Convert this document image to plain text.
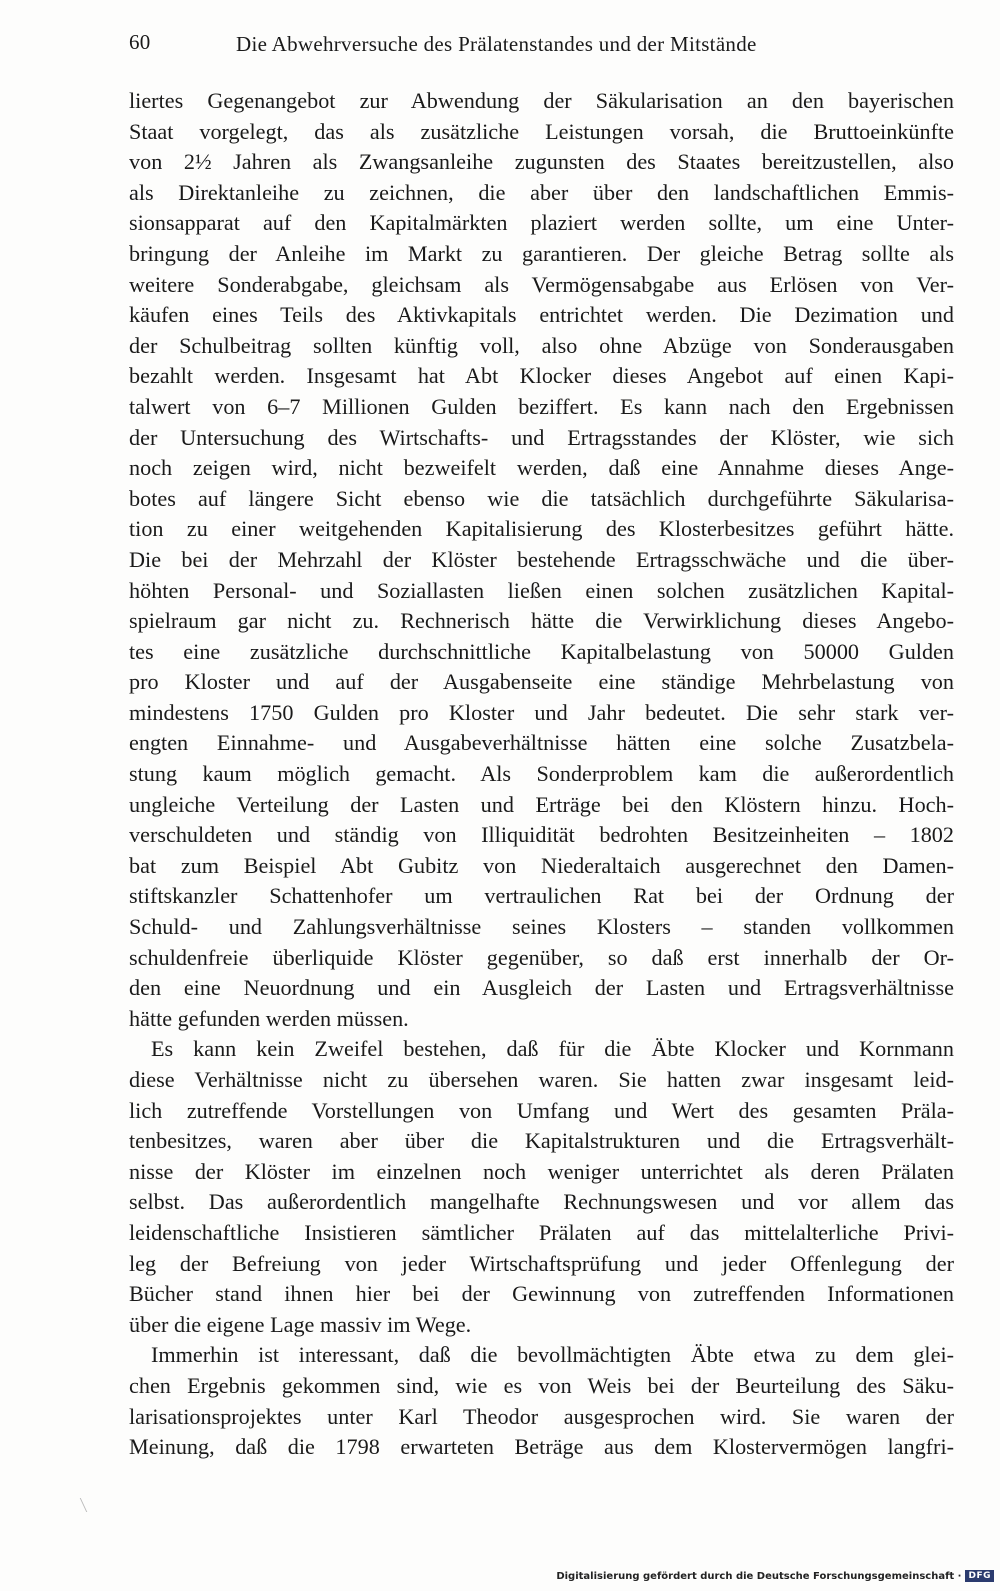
60	Die Abwehrversuche des Prälatenstandes und der Mitstände
liertes Gegenangebot zur Abwendung der Säkularisation an den bayerischen
Staat vorgelegt, das als zusätzliche Leistungen vorsah, die Bruttoeinkünfte
von 2½ Jahren als Zwangsanleihe zugunsten des Staates bereitzustellen, also
als Direktanleihe zu zeichnen, die aber über den landschaftlichen Emmis-
sionsapparat auf den Kapitalmärkten plaziert werden sollte, um eine Unter-
bringung der Anleihe im Markt zu garantieren. Der gleiche Betrag sollte als
weitere Sonderabgabe, gleichsam als Vermögensabgabe aus Erlösen von Ver-
käufen eines Teils des Aktivkapitals entrichtet werden. Die Dezimation und
der Schulbeitrag sollten künftig voll, also ohne Abzüge von Sonderausgaben
bezahlt werden. Insgesamt hat Abt Klocker dieses Angebot auf einen Kapi-
talwert von 6–7 Millionen Gulden beziffert. Es kann nach den Ergebnissen
der Untersuchung des Wirtschafts- und Ertragsstandes der Klöster, wie sich
noch zeigen wird, nicht bezweifelt werden, daß eine Annahme dieses Ange-
botes auf längere Sicht ebenso wie die tatsächlich durchgeführte Säkularisa-
tion zu einer weitgehenden Kapitalisierung des Klosterbesitzes geführt hätte.
Die bei der Mehrzahl der Klöster bestehende Ertragsschwäche und die über-
höhten Personal- und Soziallasten ließen einen solchen zusätzlichen Kapital-
spielraum gar nicht zu. Rechnerisch hätte die Verwirklichung dieses Angebo-
tes eine zusätzliche durchschnittliche Kapitalbelastung von 50000 Gulden
pro Kloster und auf der Ausgabenseite eine ständige Mehrbelastung von
mindestens 1750 Gulden pro Kloster und Jahr bedeutet. Die sehr stark ver-
engten Einnahme- und Ausgabeverhältnisse hätten eine solche Zusatzbela-
stung kaum möglich gemacht. Als Sonderproblem kam die außerordentlich
ungleiche Verteilung der Lasten und Erträge bei den Klöstern hinzu. Hoch-
verschuldeten und ständig von Illiquidität bedrohten Besitzeinheiten – 1802
bat zum Beispiel Abt Gubitz von Niederaltaich ausgerechnet den Damen-
stiftskanzler Schattenhofer um vertraulichen Rat bei der Ordnung der
Schuld- und Zahlungsverhältnisse seines Klosters – standen vollkommen
schuldenfreie überliquide Klöster gegenüber, so daß erst innerhalb der Or-
den eine Neuordnung und ein Ausgleich der Lasten und Ertragsverhältnisse
hätte gefunden werden müssen.
Es kann kein Zweifel bestehen, daß für die Äbte Klocker und Kornmann
diese Verhältnisse nicht zu übersehen waren. Sie hatten zwar insgesamt leid-
lich zutreffende Vorstellungen von Umfang und Wert des gesamten Präla-
tenbesitzes, waren aber über die Kapitalstrukturen und die Ertragsverhält-
nisse der Klöster im einzelnen noch weniger unterrichtet als deren Prälaten
selbst. Das außerordentlich mangelhafte Rechnungswesen und vor allem das
leidenschaftliche Insistieren sämtlicher Prälaten auf das mittelalterliche Privi-
leg der Befreiung von jeder Wirtschaftsprüfung und jeder Offenlegung der
Bücher stand ihnen hier bei der Gewinnung von zutreffenden Informationen
über die eigene Lage massiv im Wege.
Immerhin ist interessant, daß die bevollmächtigten Äbte etwa zu dem glei-
chen Ergebnis gekommen sind, wie es von Weis bei der Beurteilung des Säku-
larisationsprojektes unter Karl Theodor ausgesprochen wird. Sie waren der
Meinung, daß die 1798 erwarteten Beträge aus dem Klostervermögen langfri-
Digitalisierung gefördert durch die Deutsche Forschungsgemeinschaft · DFG
